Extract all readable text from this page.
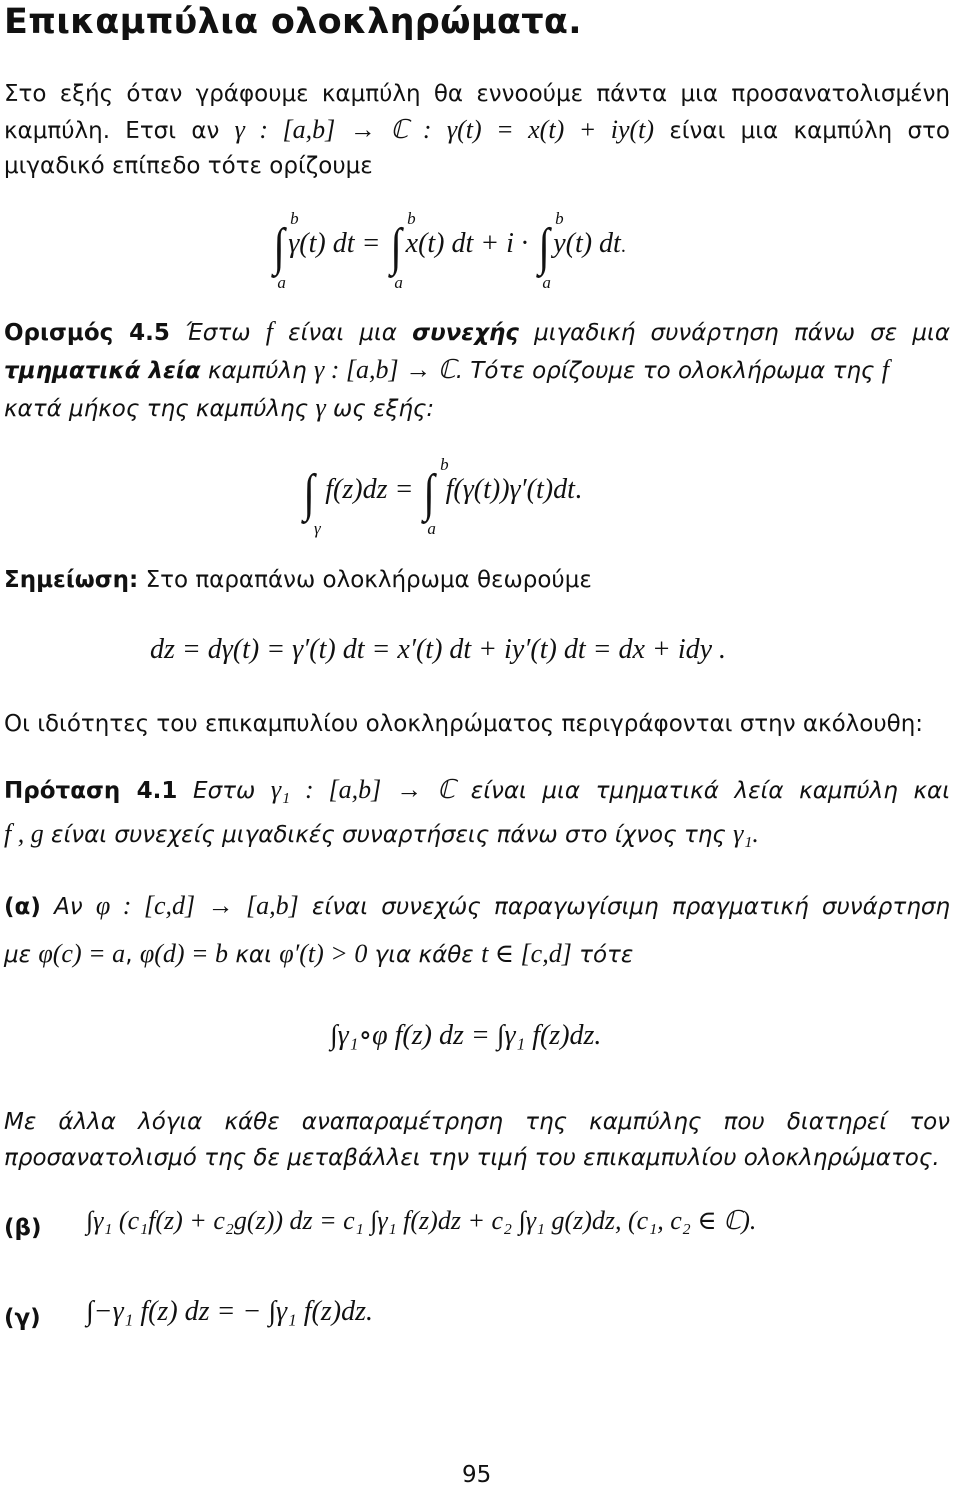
Επικαμπύλια ολοκληρώματα.
Στο εξής όταν γράφουμε καμπύλη θα εννοούμε πάντα μια προσανατολισμένη
καμπύλη. Ετσι αν γ : [a,b] → ℂ : γ(t) = x(t) + iy(t) είναι μια καμπύλη στο
μιγαδικό επίπεδο τότε ορίζουμε
∫
b
a
γ(t) dt = ∫
b
a
x(t) dt + i · ∫
b
a
y(t) dt.
Ορισμός 4.5 Έστω f είναι μια συνεχής μιγαδική συνάρτηση πάνω σε μια
τμηματικά λεία καμπύλη γ : [a,b] → ℂ. Τότε ορίζουμε το ολοκλήρωμα της f
κατά μήκος της καμπύλης γ ως εξής:
∫
γ
f(z)dz = ∫
b
a
f(γ(t))γ′(t)dt.
Σημείωση: Στο παραπάνω ολοκλήρωμα θεωρούμε
dz = dγ(t) = γ′(t) dt = x′(t) dt + iy′(t) dt = dx + idy .
Οι ιδιότητες του επικαμπυλίου ολοκληρώματος περιγράφονται στην ακόλουθη:
Πρόταση 4.1 Εστω γ₁ : [a,b] → ℂ είναι μια τμηματικά λεία καμπύλη και
f , g είναι συνεχείς μιγαδικές συναρτήσεις πάνω στο ίχνος της γ₁.
(α) Αν φ : [c,d] → [a,b] είναι συνεχώς παραγωγίσιμη πραγματική συνάρτηση
με φ(c) = a, φ(d) = b και φ′(t) > 0 για κάθε t ∈ [c,d] τότε
∫γ₁∘φ f(z) dz = ∫γ₁ f(z)dz.
Με άλλα λόγια κάθε αναπαραμέτρηση της καμπύλης που διατηρεί τον
προσανατολισμό της δε μεταβάλλει την τιμή του επικαμπυλίου ολοκληρώματος.
(β) ∫γ₁ (c₁f(z) + c₂g(z)) dz = c₁ ∫γ₁ f(z)dz + c₂ ∫γ₁ g(z)dz, (c₁, c₂ ∈ ℂ).
(γ) ∫−γ₁ f(z) dz = − ∫γ₁ f(z)dz.
95
